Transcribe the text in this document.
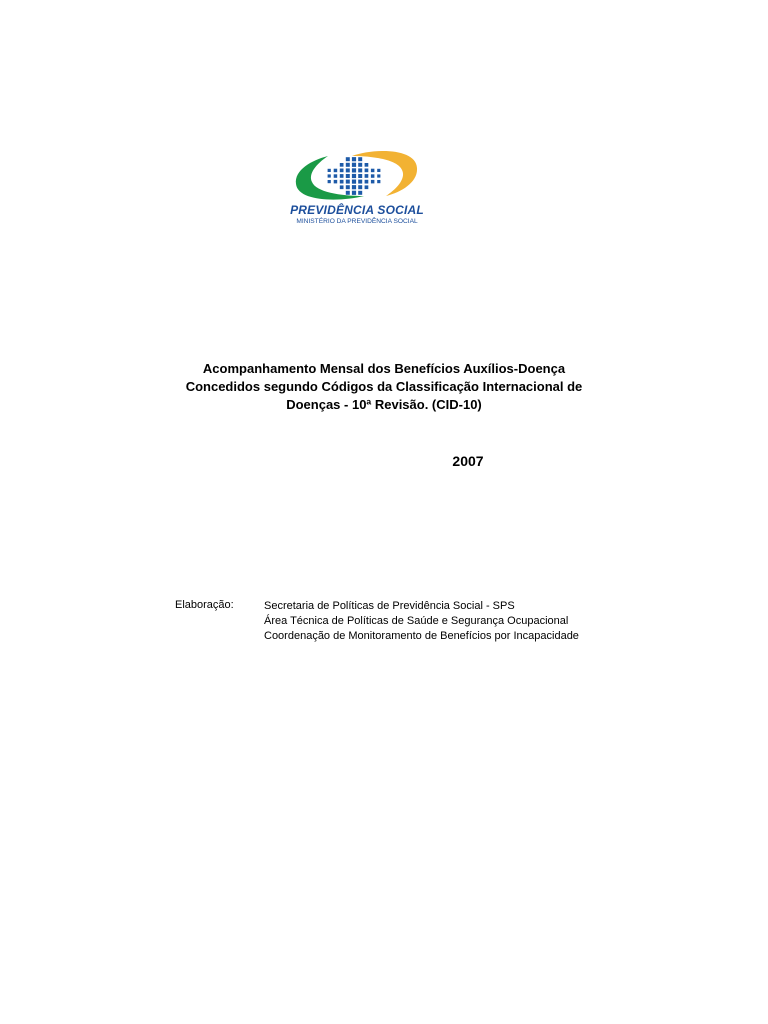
PREVIDÊNCIA SOCIAL
MINISTÉRIO DA PREVIDÊNCIA SOCIAL
Acompanhamento Mensal dos Benefícios Auxílios-Doença
Concedidos segundo Códigos da Classificação Internacional de
Doenças - 10ª Revisão. (CID-10)
2007
Elaboração:	Secretaria de Políticas de Previdência Social - SPS
Área Técnica de Políticas de Saúde e Segurança Ocupacional
Coordenação de Monitoramento de Benefícios por Incapacidade
